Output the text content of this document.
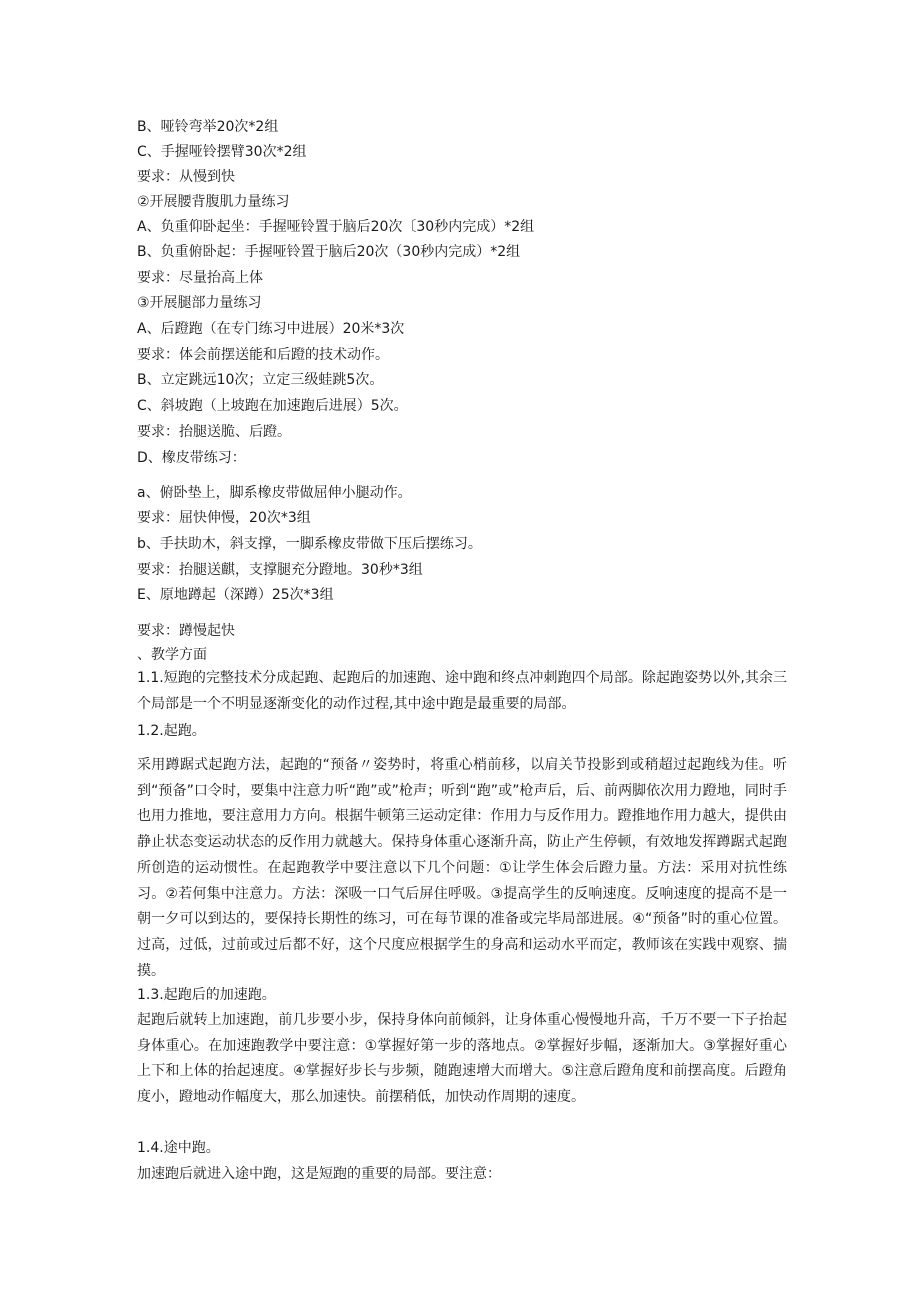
B、哑铃弯举20次*2组
C、手握哑铃摆臂30次*2组
要求：从慢到快
②开展腰背腹肌力量练习
A、负重仰卧起坐：手握哑铃置于脑后20次〔30秒内完成）*2组
B、负重俯卧起：手握哑铃置于脑后20次（30秒内完成）*2组
要求：尽量抬高上体
③开展腿部力量练习
A、后蹬跑（在专门练习中进展）20米*3次
要求：体会前摆送能和后蹬的技术动作。
B、立定跳远10次；立定三级蛙跳5次。
C、斜坡跑（上坡跑在加速跑后进展）5次。
要求：抬腿送脆、后蹬。
D、橡皮带练习：
a、俯卧垫上，脚系橡皮带做屈伸小腿动作。
要求：屈快伸慢，20次*3组
b、手扶助木，斜支撑，一脚系橡皮带做下压后摆练习。
要求：抬腿送麒，支撑腿充分蹬地。30秒*3组
E、原地蹲起（深蹲）25次*3组
要求：蹲慢起快
、教学方面
1.1.短跑的完整技术分成起跑、起跑后的加速跑、途中跑和终点冲刺跑四个局部。除起跑姿势以外,其余三个局部是一个不明显逐渐变化的动作过程,其中途中跑是最重要的局部。
1.2.起跑。
采用蹲踞式起跑方法，起跑的“预备〃姿势时，将重心梢前移，以肩关节投影到或稍超过起跑线为佳。听到“预备”口令时，要集中注意力听“跑”或”枪声；听到“跑”或”枪声后，后、前两脚依次用力蹬地，同时手也用力推地，要注意用力方向。根据牛顿第三运动定律：作用力与反作用力。蹬推地作用力越大，提供由静止状态变运动状态的反作用力就越大。保持身体重心逐渐升高，防止产生停顿，有效地发挥蹲踞式起跑所创造的运动惯性。在起跑教学中要注意以下几个问题：①让学生体会后蹬力量。方法：采用对抗性练习。②若何集中注意力。方法：深吸一口气后屏住呼吸。③提高学生的反响速度。反响速度的提高不是一朝一夕可以到达的，要保持长期性的练习，可在每节课的准备或完毕局部进展。④“预备”时的重心位置。过高，过低，过前或过后都不好，这个尺度应根据学生的身高和运动水平而定，教师该在实践中观察、揣摸。
1.3.起跑后的加速跑。
起跑后就转上加速跑，前几步要小步，保持身体向前倾斜，让身体重心慢慢地升高，千万不要一下子抬起身体重心。在加速跑教学中要注意：①掌握好第一步的落地点。②掌握好步幅，逐渐加大。③掌握好重心上下和上体的抬起速度。④掌握好步长与步频，随跑速增大而增大。⑤注意后蹬角度和前摆高度。后蹬角度小，蹬地动作幅度大，那么加速快。前摆稍低，加快动作周期的速度。
1.4.途中跑。
加速跑后就进入途中跑，这是短跑的重要的局部。要注意：
